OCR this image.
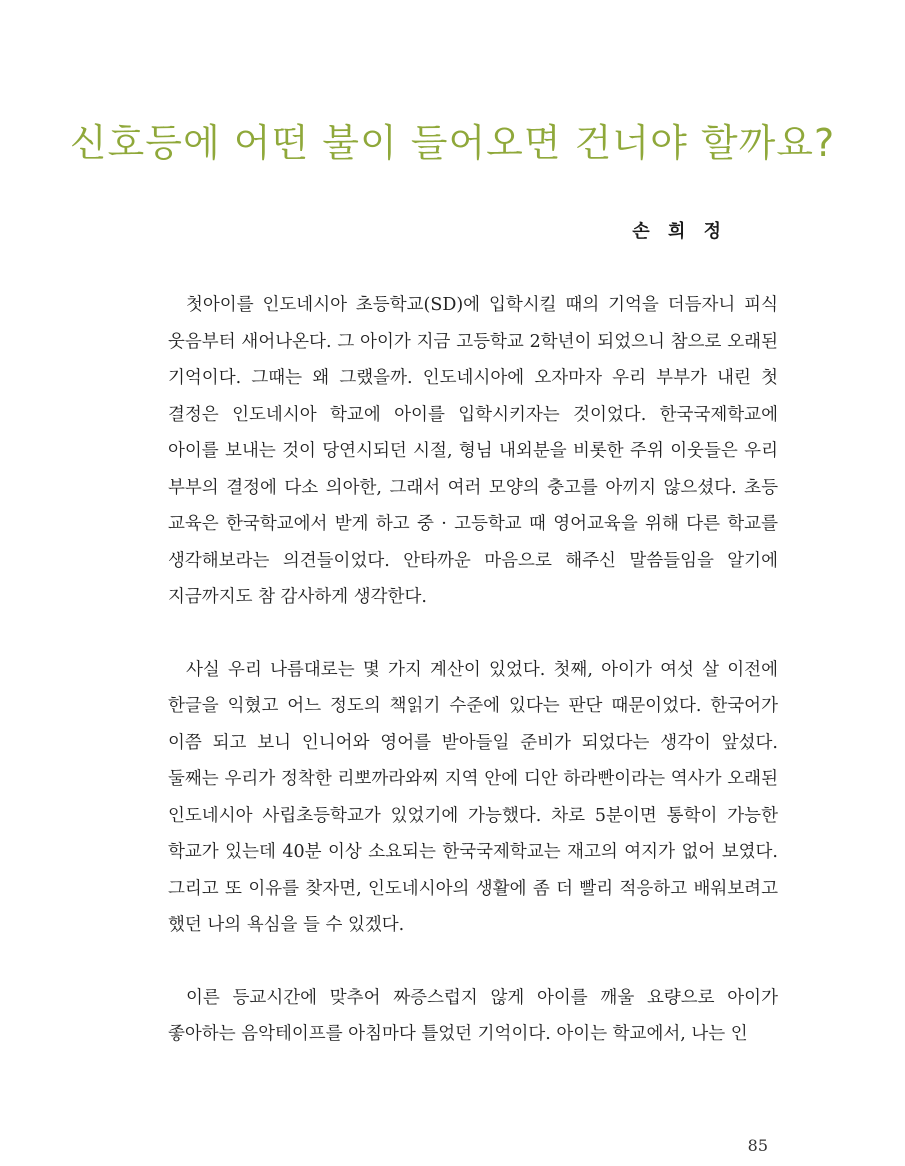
신호등에 어떤 불이 들어오면 건너야 할까요?

손 희 정

첫아이를 인도네시아 초등학교(SD)에 입학시킬 때의 기억을 더듬자니 피식 웃음부터 새어나온다. 그 아이가 지금 고등학교 2학년이 되었으니 참으로 오래된 기억이다. 그때는 왜 그랬을까. 인도네시아에 오자마자 우리 부부가 내린 첫 결정은 인도네시아 학교에 아이를 입학시키자는 것이었다. 한국국제학교에 아이를 보내는 것이 당연시되던 시절, 형님 내외분을 비롯한 주위 이웃들은 우리 부부의 결정에 다소 의아한, 그래서 여러 모양의 충고를 아끼지 않으셨다. 초등 교육은 한국학교에서 받게 하고 중 · 고등학교 때 영어교육을 위해 다른 학교를 생각해보라는 의견들이었다. 안타까운 마음으로 해주신 말씀들임을 알기에 지금까지도 참 감사하게 생각한다.

사실 우리 나름대로는 몇 가지 계산이 있었다. 첫째, 아이가 여섯 살 이전에 한글을 익혔고 어느 정도의 책읽기 수준에 있다는 판단 때문이었다. 한국어가 이쯤 되고 보니 인니어와 영어를 받아들일 준비가 되었다는 생각이 앞섰다. 둘째는 우리가 정착한 리뽀까라와찌 지역 안에 디안 하라빤이라는 역사가 오래된 인도네시아 사립초등학교가 있었기에 가능했다. 차로 5분이면 통학이 가능한 학교가 있는데 40분 이상 소요되는 한국국제학교는 재고의 여지가 없어 보였다. 그리고 또 이유를 찾자면, 인도네시아의 생활에 좀 더 빨리 적응하고 배워보려고 했던 나의 욕심을 들 수 있겠다.

이른 등교시간에 맞추어 짜증스럽지 않게 아이를 깨울 요량으로 아이가 좋아하는 음악테이프를 아침마다 틀었던 기억이다. 아이는 학교에서, 나는 인

85
